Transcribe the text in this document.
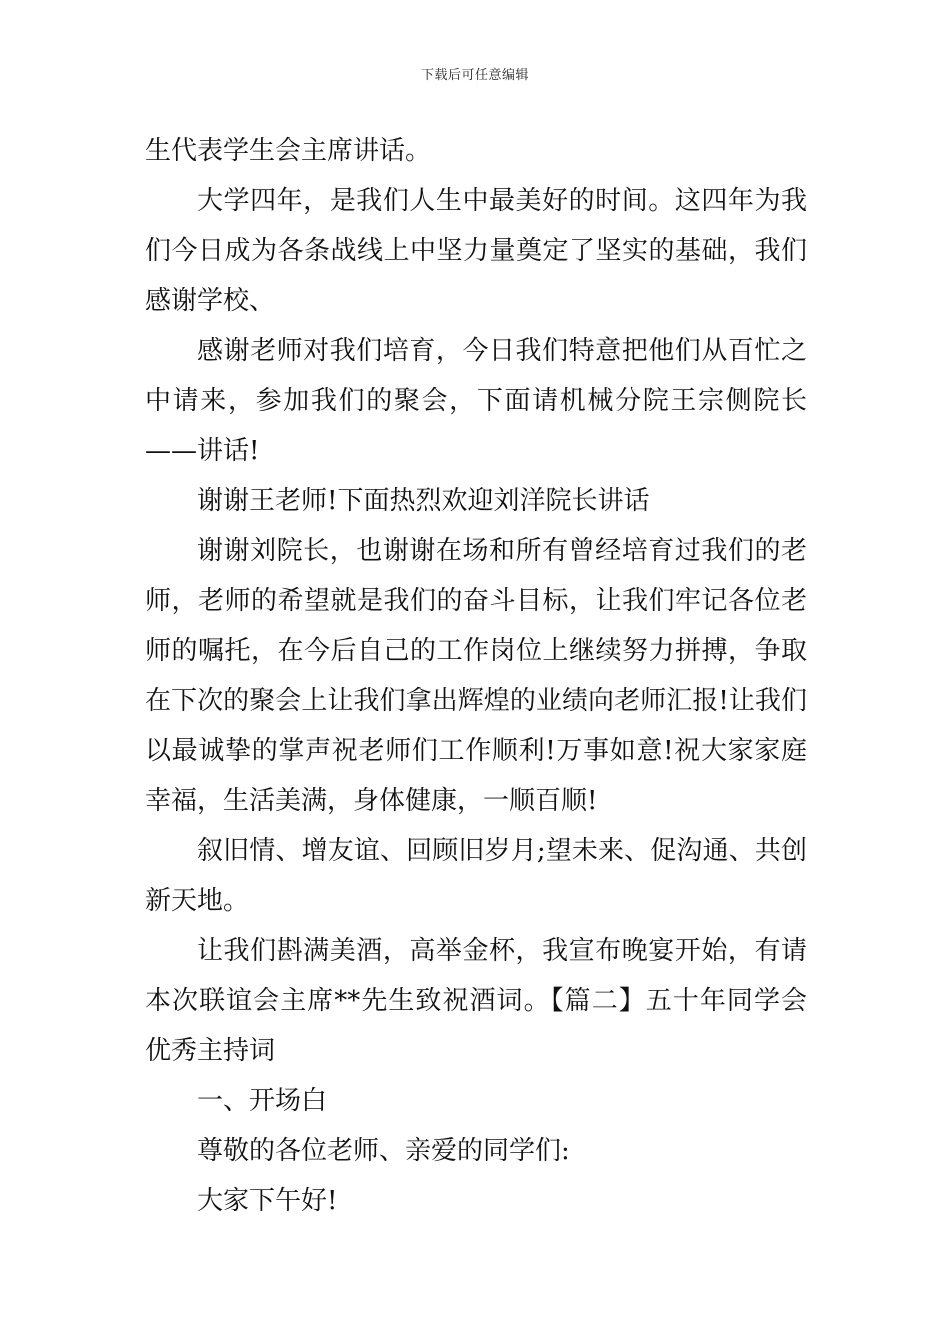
下载后可任意编辑

生代表学生会主席讲话。

大学四年，是我们人生中最美好的时间。这四年为我们今日成为各条战线上中坚力量奠定了坚实的基础，我们感谢学校、

感谢老师对我们培育，今日我们特意把他们从百忙之中请来，参加我们的聚会，下面请机械分院王宗侧院长——讲话!

谢谢王老师!下面热烈欢迎刘洋院长讲话

谢谢刘院长，也谢谢在场和所有曾经培育过我们的老师，老师的希望就是我们的奋斗目标，让我们牢记各位老师的嘱托，在今后自己的工作岗位上继续努力拼搏，争取在下次的聚会上让我们拿出辉煌的业绩向老师汇报!让我们以最诚挚的掌声祝老师们工作顺利!万事如意!祝大家家庭幸福，生活美满，身体健康，一顺百顺!

叙旧情、增友谊、回顾旧岁月;望未来、促沟通、共创新天地。

让我们斟满美酒，高举金杯，我宣布晚宴开始，有请本次联谊会主席**先生致祝酒词。【篇二】五十年同学会优秀主持词

一、开场白

尊敬的各位老师、亲爱的同学们:

大家下午好!
